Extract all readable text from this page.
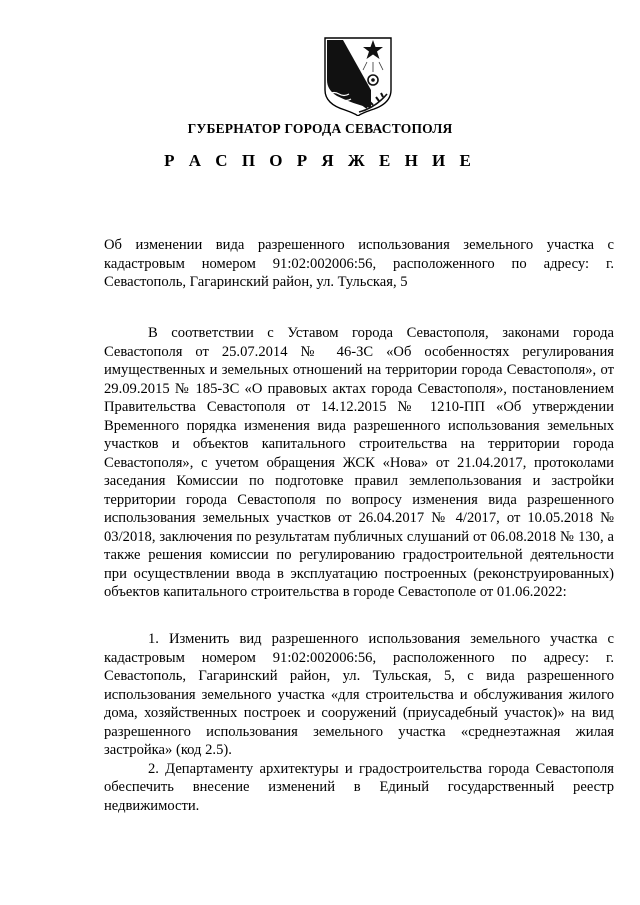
ГУБЕРНАТОР ГОРОДА СЕВАСТОПОЛЯ
Р А С П О Р Я Ж Е Н И Е
Об изменении вида разрешенного использования земельного участка с кадастровым номером 91:02:002006:56, расположенного по адресу: г. Севастополь, Гагаринский район, ул. Тульская, 5
В соответствии с Уставом города Севастополя, законами города Севастополя от 25.07.2014 № 46-ЗС «Об особенностях регулирования имущественных и земельных отношений на территории города Севастополя», от 29.09.2015 № 185-ЗС «О правовых актах города Севастополя», постановлением Правительства Севастополя от 14.12.2015 № 1210-ПП «Об утверждении Временного порядка изменения вида разрешенного использования земельных участков и объектов капитального строительства на территории города Севастополя», с учетом обращения ЖСК «Нова» от 21.04.2017, протоколами заседания Комиссии по подготовке правил землепользования и застройки территории города Севастополя по вопросу изменения вида разрешенного использования земельных участков от 26.04.2017 № 4/2017, от 10.05.2018 № 03/2018, заключения по результатам публичных слушаний от 06.08.2018 № 130, а также решения комиссии по регулированию градостроительной деятельности при осуществлении ввода в эксплуатацию построенных (реконструированных) объектов капитального строительства в городе Севастополе от 01.06.2022:

1. Изменить вид разрешенного использования земельного участка с кадастровым номером 91:02:002006:56, расположенного по адресу: г. Севастополь, Гагаринский район, ул. Тульская, 5, с вида разрешенного использования земельного участка «для строительства и обслуживания жилого дома, хозяйственных построек и сооружений (приусадебный участок)» на вид разрешенного использования земельного участка «среднеэтажная жилая застройка» (код 2.5).

2. Департаменту архитектуры и градостроительства города Севастополя обеспечить внесение изменений в Единый государственный реестр недвижимости.
